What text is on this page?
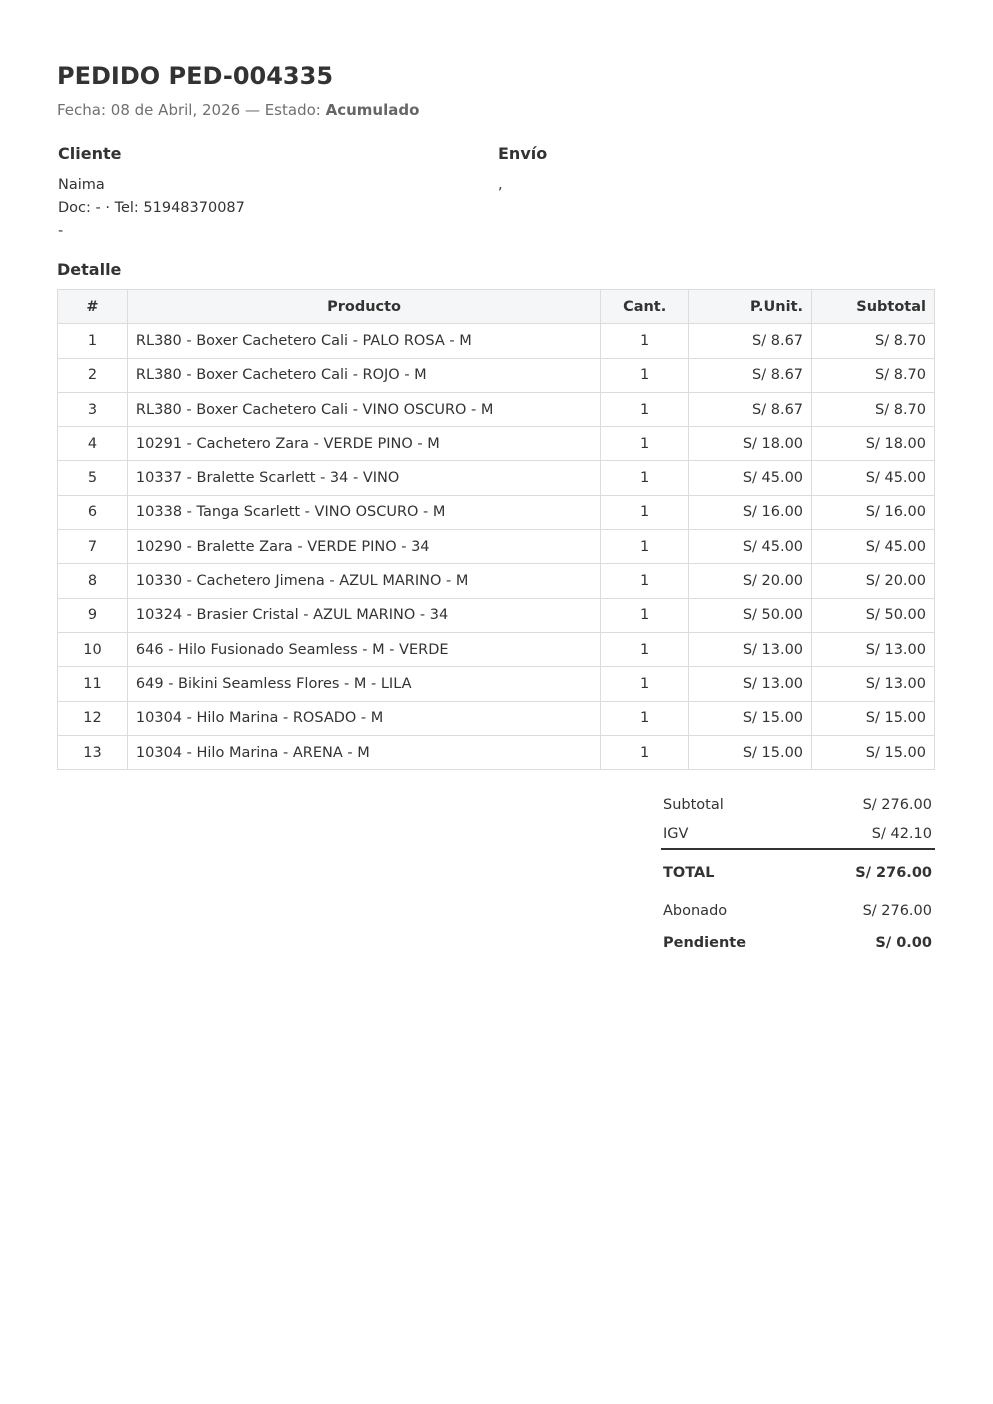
PEDIDO PED-004335
Fecha: 08 de Abril, 2026 — Estado: Acumulado
Cliente	Envío
Naima
Doc: - · Tel: 51948370087
-
,
Detalle
#	Producto	Cant.	P.Unit.	Subtotal
1	RL380 - Boxer Cachetero Cali - PALO ROSA - M	1	S/ 8.67	S/ 8.70
2	RL380 - Boxer Cachetero Cali - ROJO - M	1	S/ 8.67	S/ 8.70
3	RL380 - Boxer Cachetero Cali - VINO OSCURO - M	1	S/ 8.67	S/ 8.70
4	10291 - Cachetero Zara - VERDE PINO - M	1	S/ 18.00	S/ 18.00
5	10337 - Bralette Scarlett - 34 - VINO	1	S/ 45.00	S/ 45.00
6	10338 - Tanga Scarlett - VINO OSCURO - M	1	S/ 16.00	S/ 16.00
7	10290 - Bralette Zara - VERDE PINO - 34	1	S/ 45.00	S/ 45.00
8	10330 - Cachetero Jimena - AZUL MARINO - M	1	S/ 20.00	S/ 20.00
9	10324 - Brasier Cristal - AZUL MARINO - 34	1	S/ 50.00	S/ 50.00
10	646 - Hilo Fusionado Seamless - M - VERDE	1	S/ 13.00	S/ 13.00
11	649 - Bikini Seamless Flores - M - LILA	1	S/ 13.00	S/ 13.00
12	10304 - Hilo Marina - ROSADO - M	1	S/ 15.00	S/ 15.00
13	10304 - Hilo Marina - ARENA - M	1	S/ 15.00	S/ 15.00
Subtotal	S/ 276.00
IGV	S/ 42.10
TOTAL	S/ 276.00
Abonado	S/ 276.00
Pendiente	S/ 0.00
